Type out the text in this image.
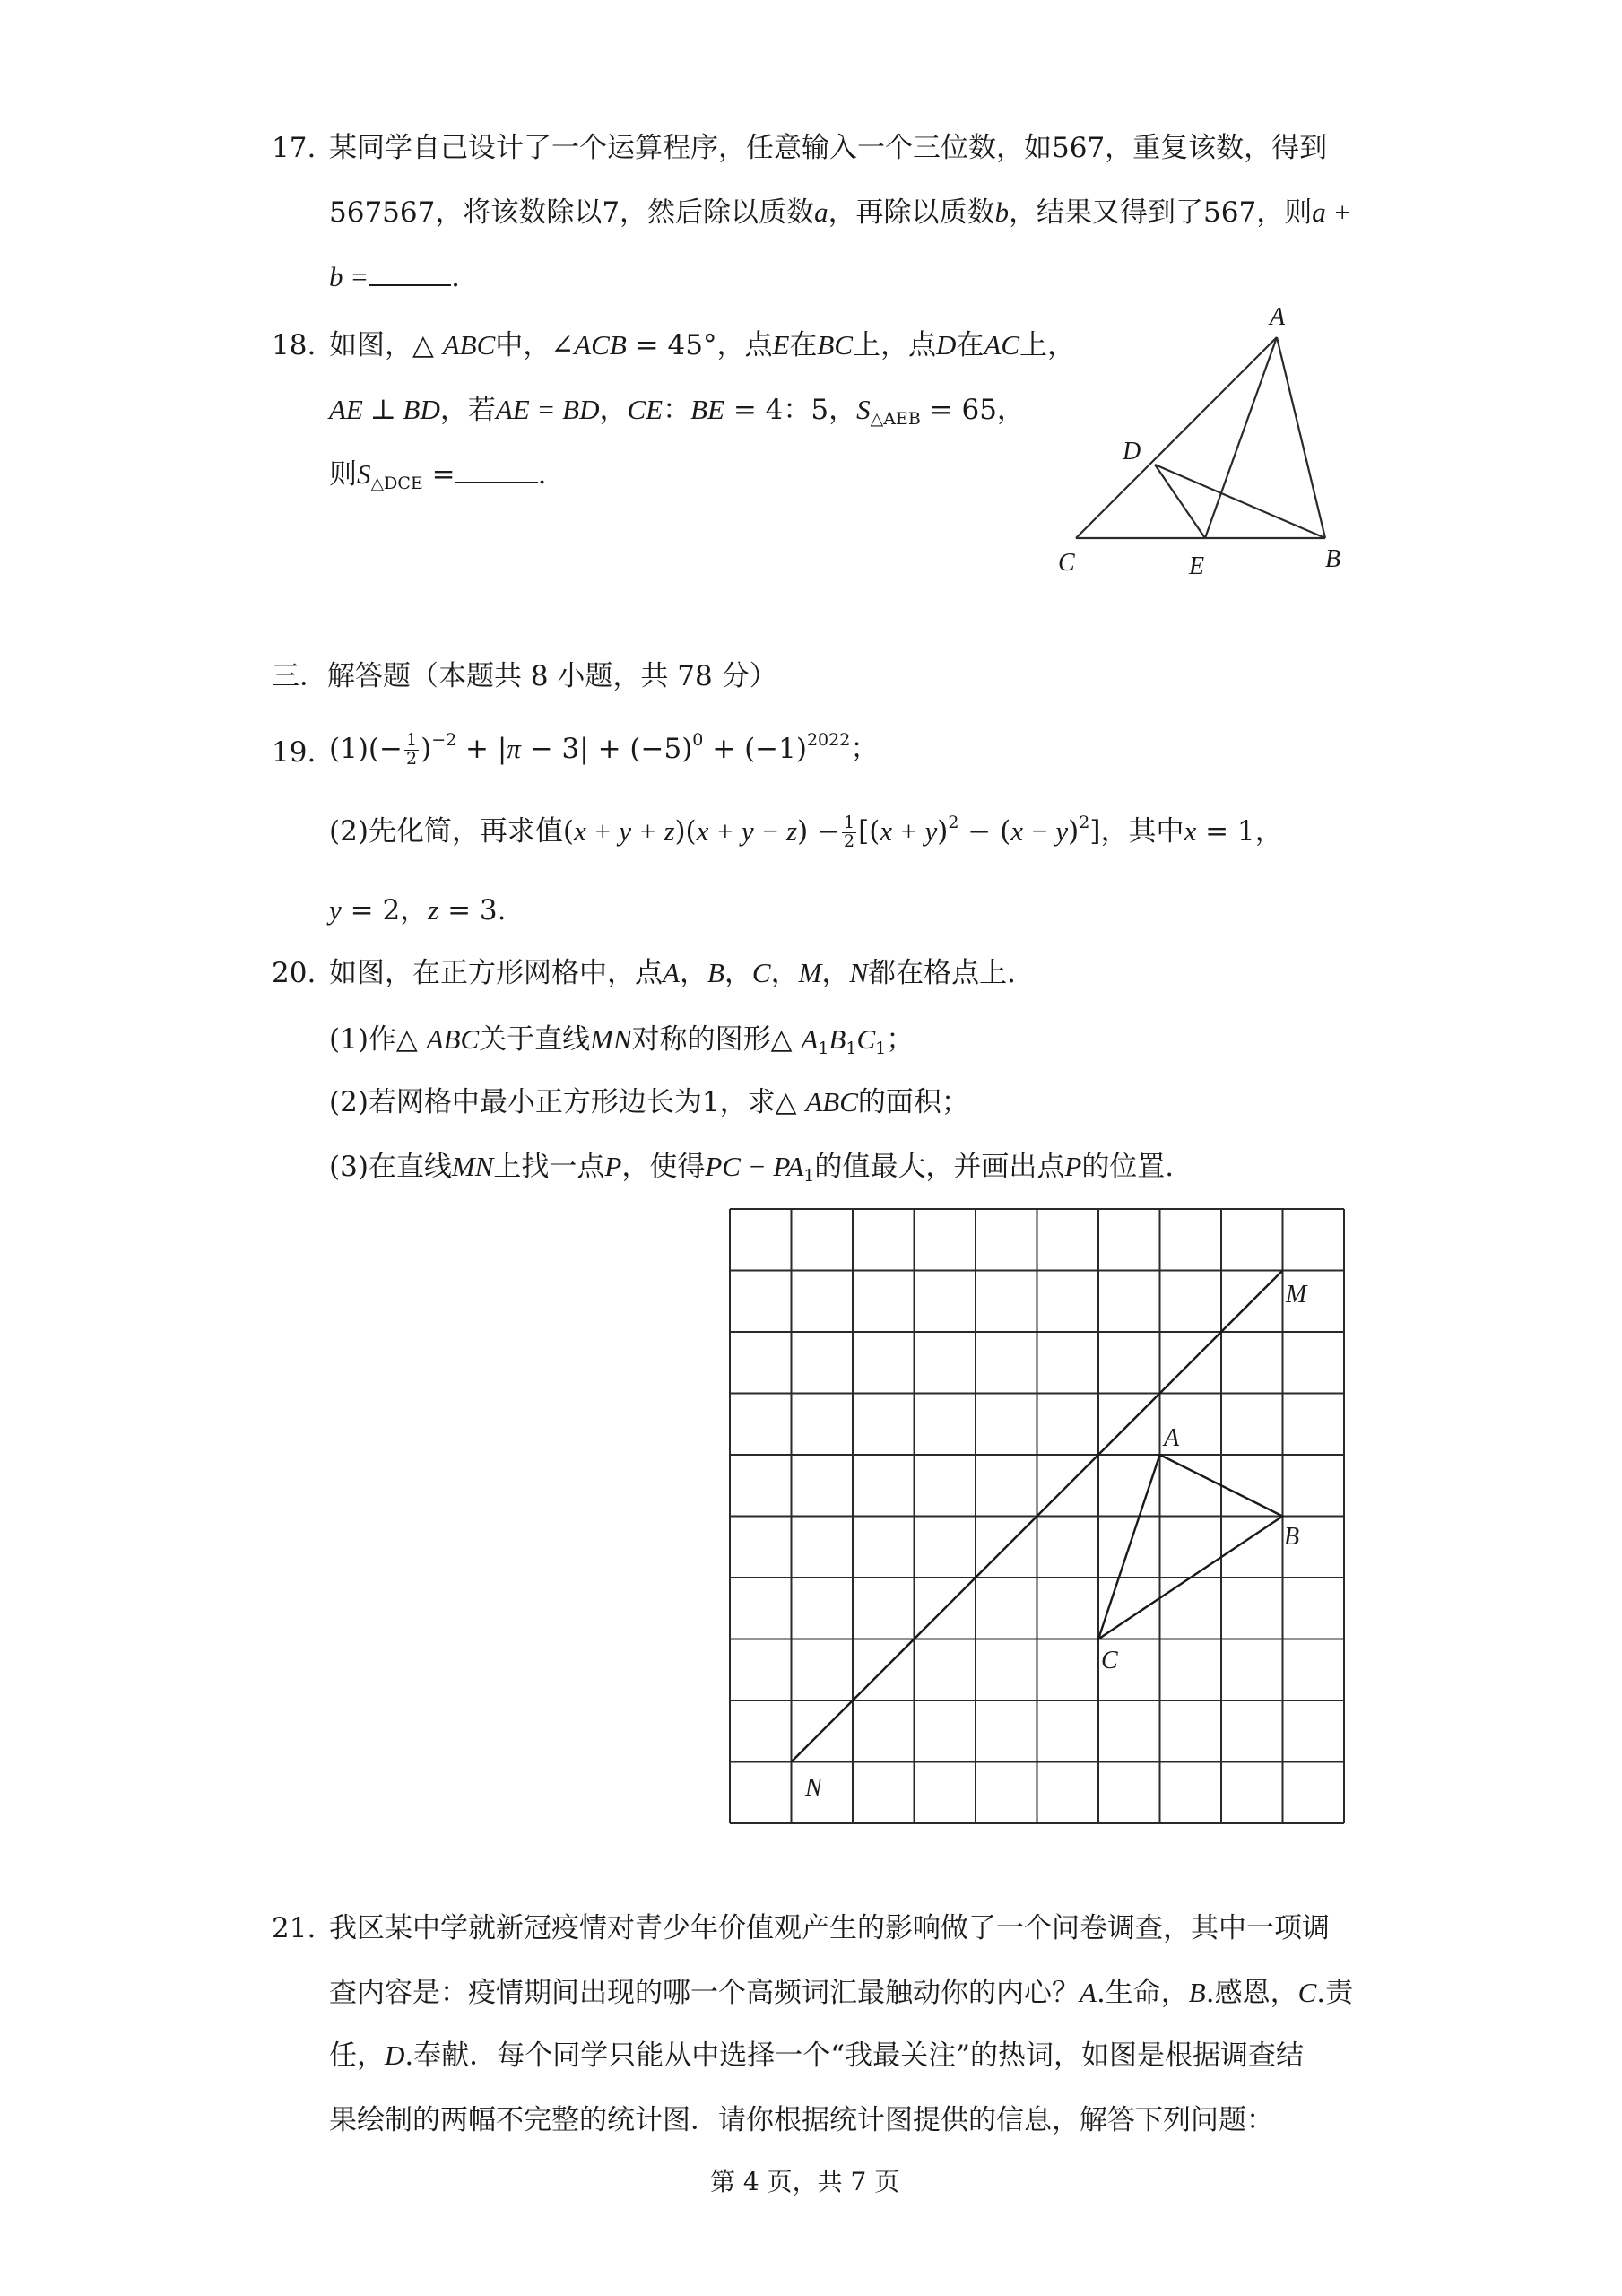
17. 某同学自己设计了一个运算程序，任意输入一个三位数，如567，重复该数，得到
567567，将该数除以7，然后除以质数a，再除以质数b，结果又得到了567，则a +
b =	.
18. 如图，△ ABC中，∠ACB = 45°，点E在BC上，点D在AC上，
AE ⊥ BD，若AE = BD，CE：BE = 4：5，$S_{\triangle AEB} = 65$，
则$S_{\triangle DCE}$ =	.
A
D
C	E	B
三．解答题（本题共 8 小题，共 78 分）
19. $(1)(- \frac{1}{2} )^{-2} + |\pi - 3| + (-5)^0 + (-1)^{2022}$；
(2)先化简，再求值$(x + y + z)(x + y - z) - \frac{1}{2} [(x + y)^2 - (x - y)^2]$，其中x = 1，
y = 2，z = 3.
20. 如图，在正方形网格中，点A，B，C，M，N都在格点上.
(1)作△ ABC关于直线MN对称的图形△ $A_1B_1C_1$；
(2)若网格中最小正方形边长为1，求△ ABC的面积；
(3)在直线MN上找一点P，使得PC − $PA_1$的值最大，并画出点P的位置.
M
N
A
B
C
21. 我区某中学就新冠疫情对青少年价值观产生的影响做了一个问卷调查，其中一项调
查内容是：疫情期间出现的哪一个高频词汇最触动你的内心？A.生命，B.感恩，C.责
任，D.奉献．每个同学只能从中选择一个“我最关注”的热词，如图是根据调查结
果绘制的两幅不完整的统计图．请你根据统计图提供的信息，解答下列问题：
第 4 页，共 7 页
